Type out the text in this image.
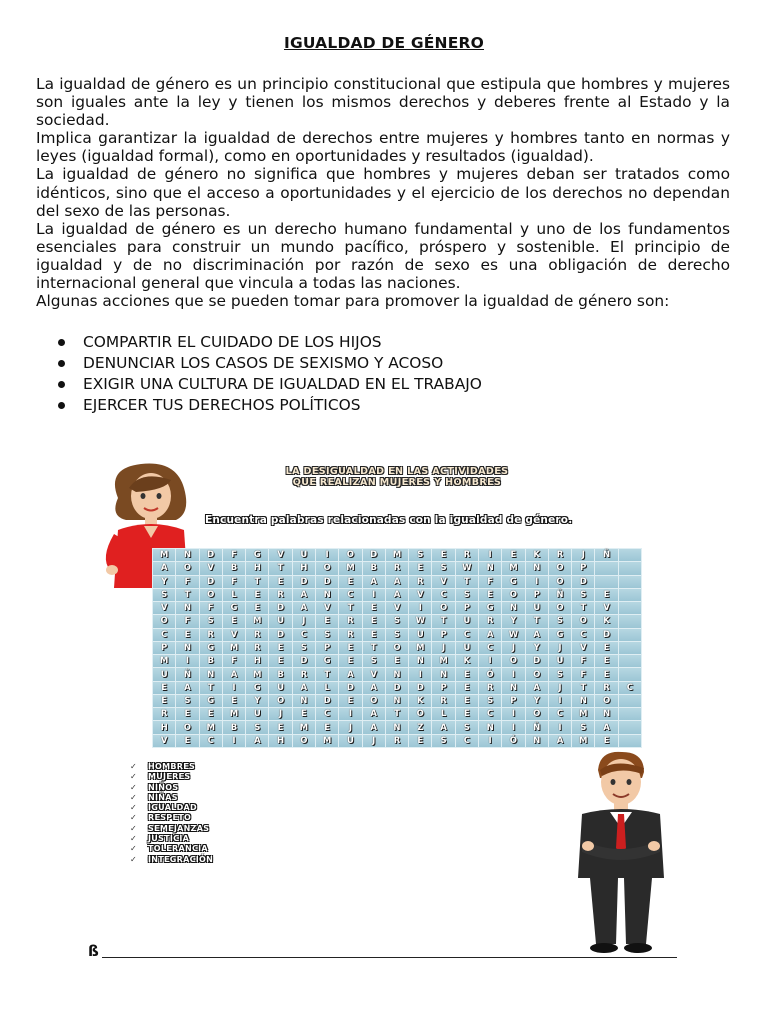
IGUALDAD DE GÉNERO

La igualdad de género es un principio constitucional que estipula que hombres y mujeres son iguales ante la ley y tienen los mismos derechos y deberes frente al Estado y la sociedad.

Implica garantizar la igualdad de derechos entre mujeres y hombres tanto en normas y leyes (igualdad formal), como en oportunidades y resultados (igualdad).

La igualdad de género no significa que hombres y mujeres deban ser tratados como idénticos, sino que el acceso a oportunidades y el ejercicio de los derechos no dependan del sexo de las personas.

La igualdad de género es un derecho humano fundamental y uno de los fundamentos esenciales para construir un mundo pacífico, próspero y sostenible. El principio de igualdad y de no discriminación por razón de sexo es una obligación de derecho internacional general que vincula a todas las naciones.

Algunas acciones que se pueden tomar para promover la igualdad de género son:

COMPARTIR EL CUIDADO DE LOS HIJOS
DENUNCIAR LOS CASOS DE SEXISMO Y ACOSO
EXIGIR UNA CULTURA DE IGUALDAD EN EL TRABAJO
EJERCER TUS DERECHOS POLÍTICOS
LA DESIGUALDAD EN LAS ACTIVIDADES
QUE REALIZAN MUJERES Y HOMBRES
Encuentra palabras relacionadas con la igualdad de género.
M	N	D	F	G	V	U	I	O	D	M	S	E	R	I	E	K	R	J	Ñ
A	O	V	B	H	T	H	O	M	B	R	E	S	W	N	M	N	O	P
Y	F	D	F	T	E	D	D	E	A	A	R	V	T	F	G	I	O	D
S	T	O	L	E	R	A	N	C	I	A	V	C	S	E	O	P	Ñ	S	E
V	N	F	G	E	D	A	V	T	E	V	I	O	P	G	N	U	O	T	V
O	F	S	E	M	U	J	E	R	E	S	W	T	U	R	Y	T	S	O	K
C	E	R	V	R	D	C	S	R	E	S	U	P	C	A	W	A	G	C	D
P	N	G	M	R	E	S	P	E	T	O	M	J	U	C	J	Y	J	V	E
M	I	B	F	H	E	D	G	E	S	E	N	M	K	I	O	D	U	F	E
U	Ñ	N	A	M	B	R	T	A	V	N	I	N	E	Ó	I	O	S	F	E
E	A	T	I	G	U	A	L	D	A	D	D	P	E	R	N	A	J	T	R	C
E	S	G	E	Y	O	N	D	E	O	N	K	R	E	S	P	Y	I	N	O
R	E	E	M	U	J	E	C	I	A	T	O	L	E	C	I	O	C	M	N
H	O	M	B	S	E	M	E	J	A	N	Z	A	S	N	I	Ñ	I	S	A
V	E	C	I	A	H	O	M	U	J	R	E	S	C	I	Ó	N	A	M	E
✓ HOMBRES
✓ MUJERES
✓ NIÑOS
✓ NIÑAS
✓ IGUALDAD
✓ RESPETO
✓ SEMEJANZAS
✓ JUSTICIA
✓ TOLERANCIA
✓ INTEGRACIÓN
ß
